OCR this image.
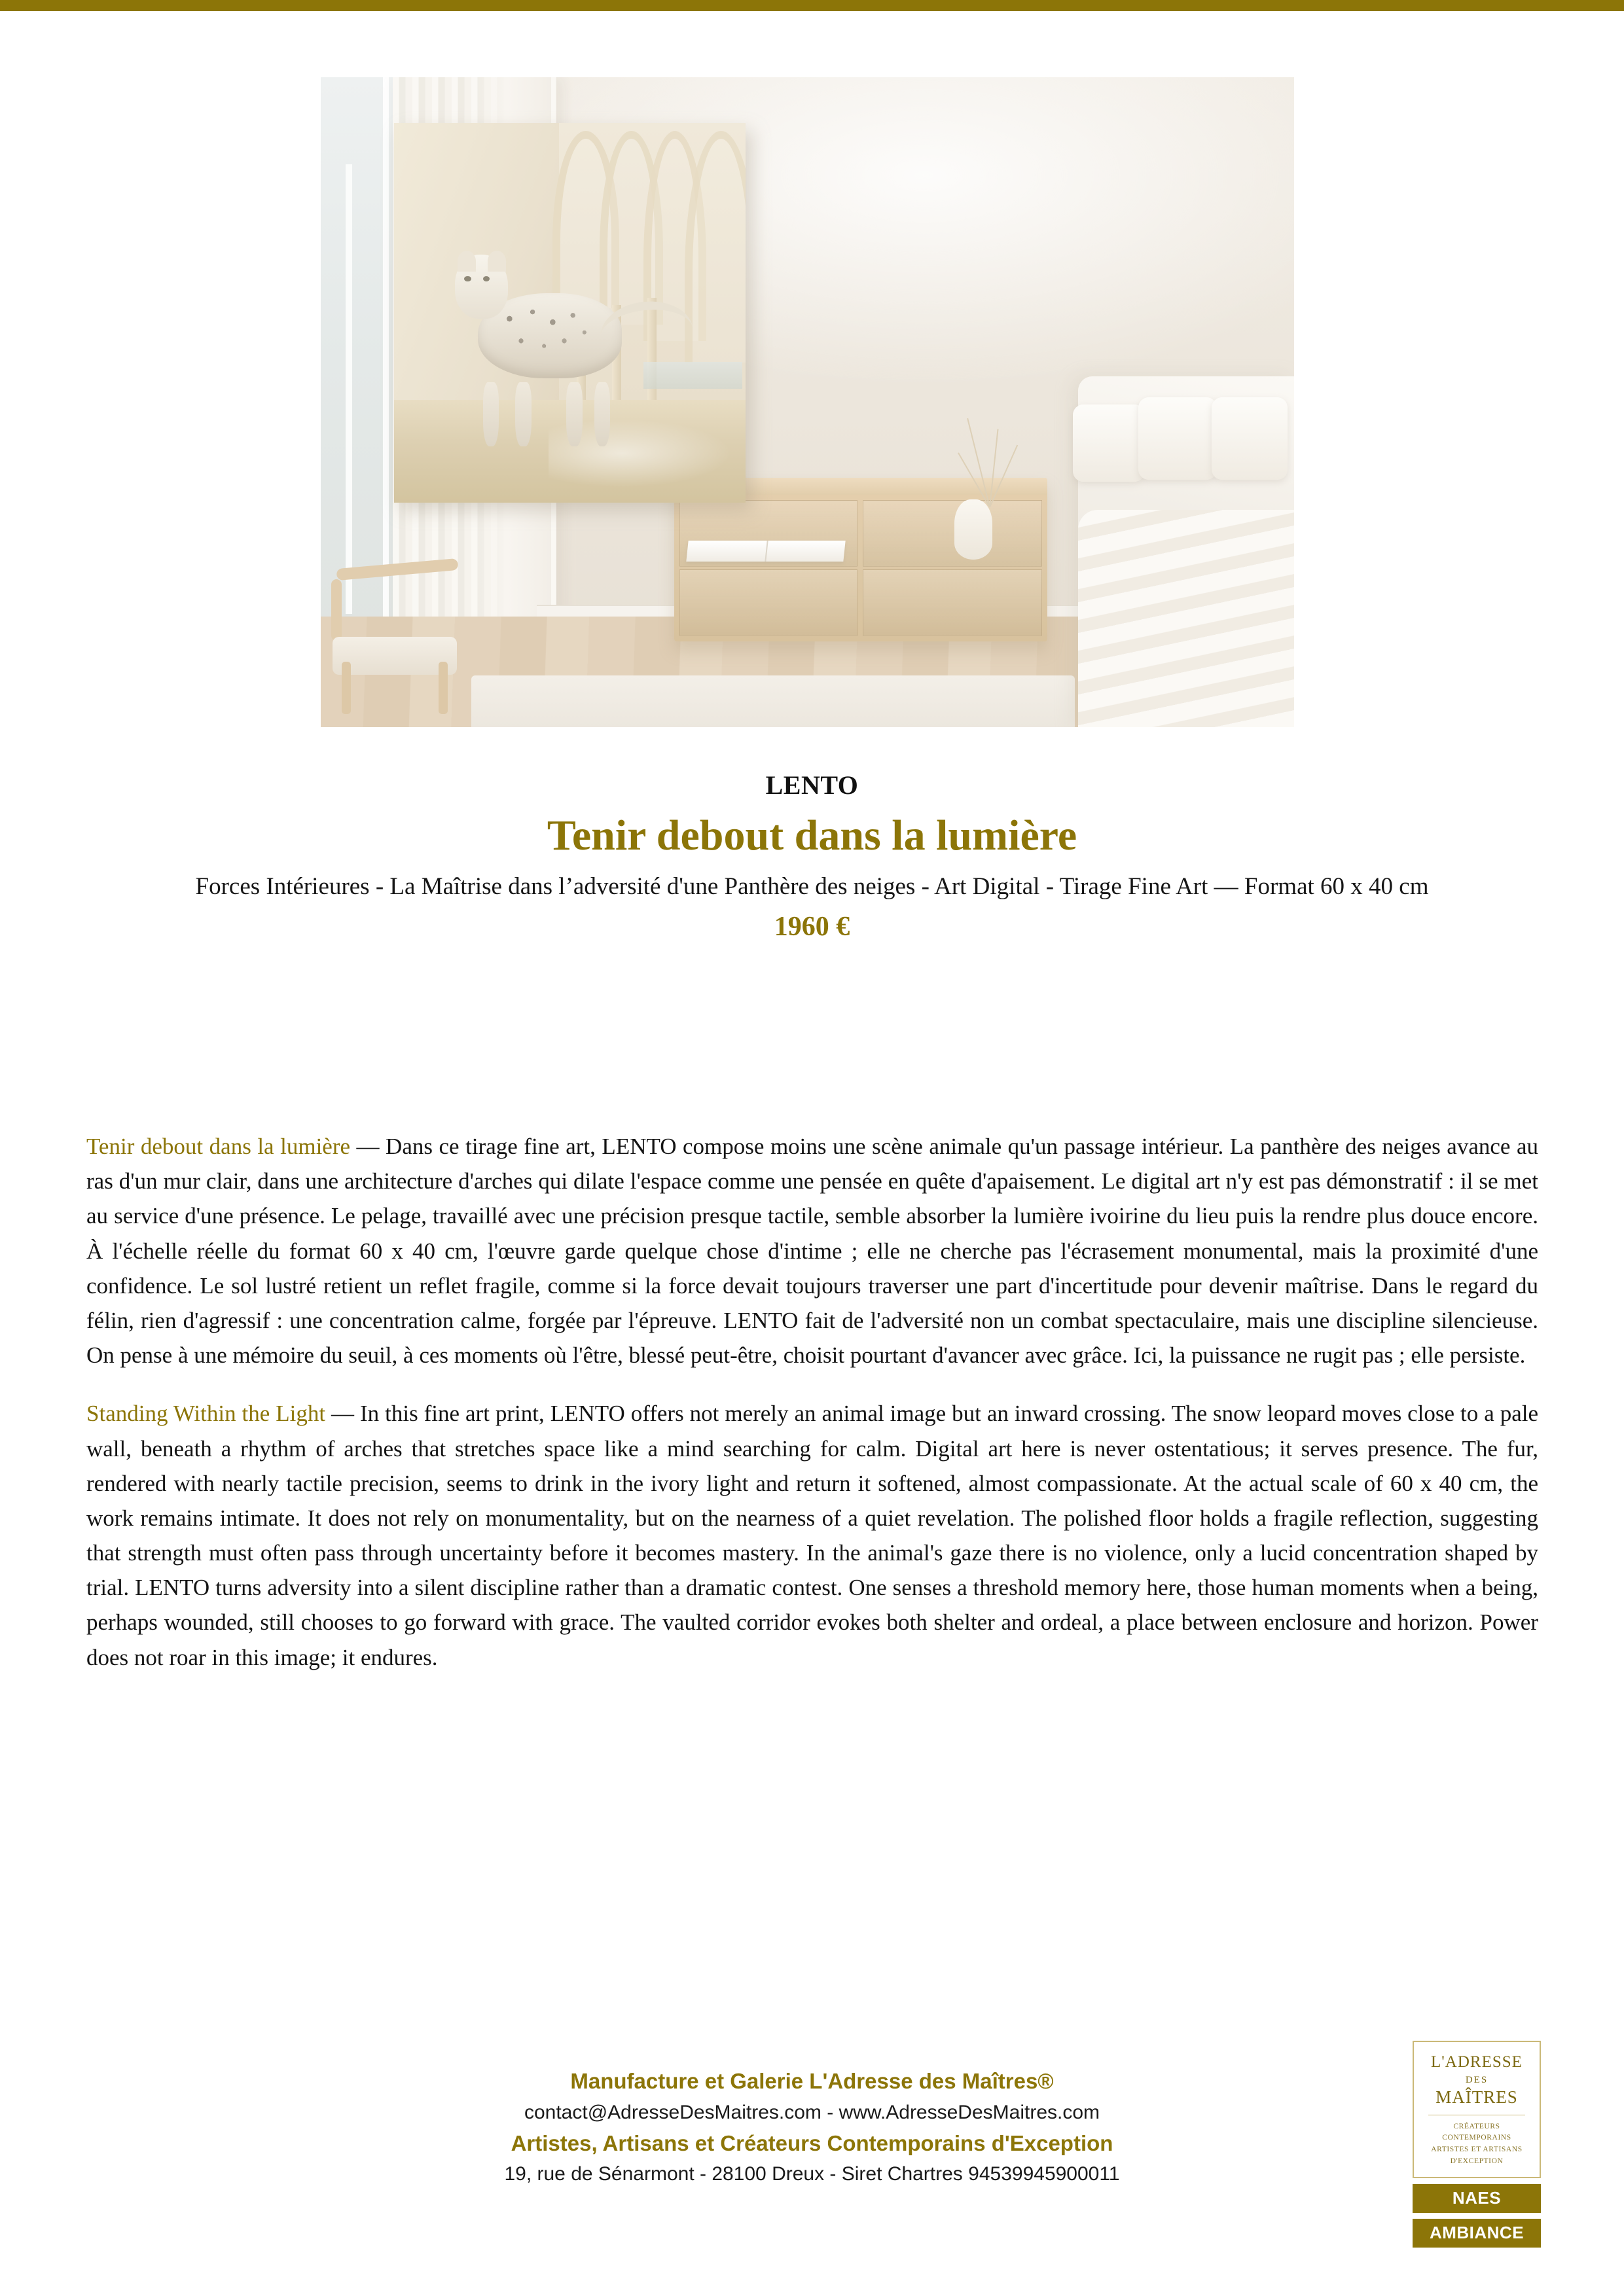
LENTO
Tenir debout dans la lumière
Forces Intérieures - La Maîtrise dans l’adversité d'une Panthère des neiges - Art Digital - Tirage Fine Art — Format 60 x 40 cm
1960 €

Tenir debout dans la lumière — Dans ce tirage fine art, LENTO compose moins une scène animale qu'un passage intérieur. La panthère des neiges avance au ras d'un mur clair, dans une architecture d'arches qui dilate l'espace comme une pensée en quête d'apaisement. Le digital art n'y est pas démonstratif : il se met au service d'une présence. Le pelage, travaillé avec une précision presque tactile, semble absorber la lumière ivoirine du lieu puis la rendre plus douce encore. À l'échelle réelle du format 60 x 40 cm, l'œuvre garde quelque chose d'intime ; elle ne cherche pas l'écrasement monumental, mais la proximité d'une confidence. Le sol lustré retient un reflet fragile, comme si la force devait toujours traverser une part d'incertitude pour devenir maîtrise. Dans le regard du félin, rien d'agressif : une concentration calme, forgée par l'épreuve. LENTO fait de l'adversité non un combat spectaculaire, mais une discipline silencieuse. On pense à une mémoire du seuil, à ces moments où l'être, blessé peut-être, choisit pourtant d'avancer avec grâce. Ici, la puissance ne rugit pas ; elle persiste.

Standing Within the Light — In this fine art print, LENTO offers not merely an animal image but an inward crossing. The snow leopard moves close to a pale wall, beneath a rhythm of arches that stretches space like a mind searching for calm. Digital art here is never ostentatious; it serves presence. The fur, rendered with nearly tactile precision, seems to drink in the ivory light and return it softened, almost compassionate. At the actual scale of 60 x 40 cm, the work remains intimate. It does not rely on monumentality, but on the nearness of a quiet revelation. The polished floor holds a fragile reflection, suggesting that strength must often pass through uncertainty before it becomes mastery. In the animal's gaze there is no violence, only a lucid concentration shaped by trial. LENTO turns adversity into a silent discipline rather than a dramatic contest. One senses a threshold memory here, those human moments when a being, perhaps wounded, still chooses to go forward with grace. The vaulted corridor evokes both shelter and ordeal, a place between enclosure and horizon. Power does not roar in this image; it endures.

Manufacture et Galerie L'Adresse des Maîtres®
contact@AdresseDesMaitres.com - www.AdresseDesMaitres.com
Artistes, Artisans et Créateurs Contemporains d'Exception
19, rue de Sénarmont - 28100 Dreux - Siret Chartres 94539945900011
L'ADRESSE
DES
MAÎTRES
CRÉATEURS CONTEMPORAINS
ARTISTES ET ARTISANS
D'EXCEPTION
NAES
AMBIANCE
